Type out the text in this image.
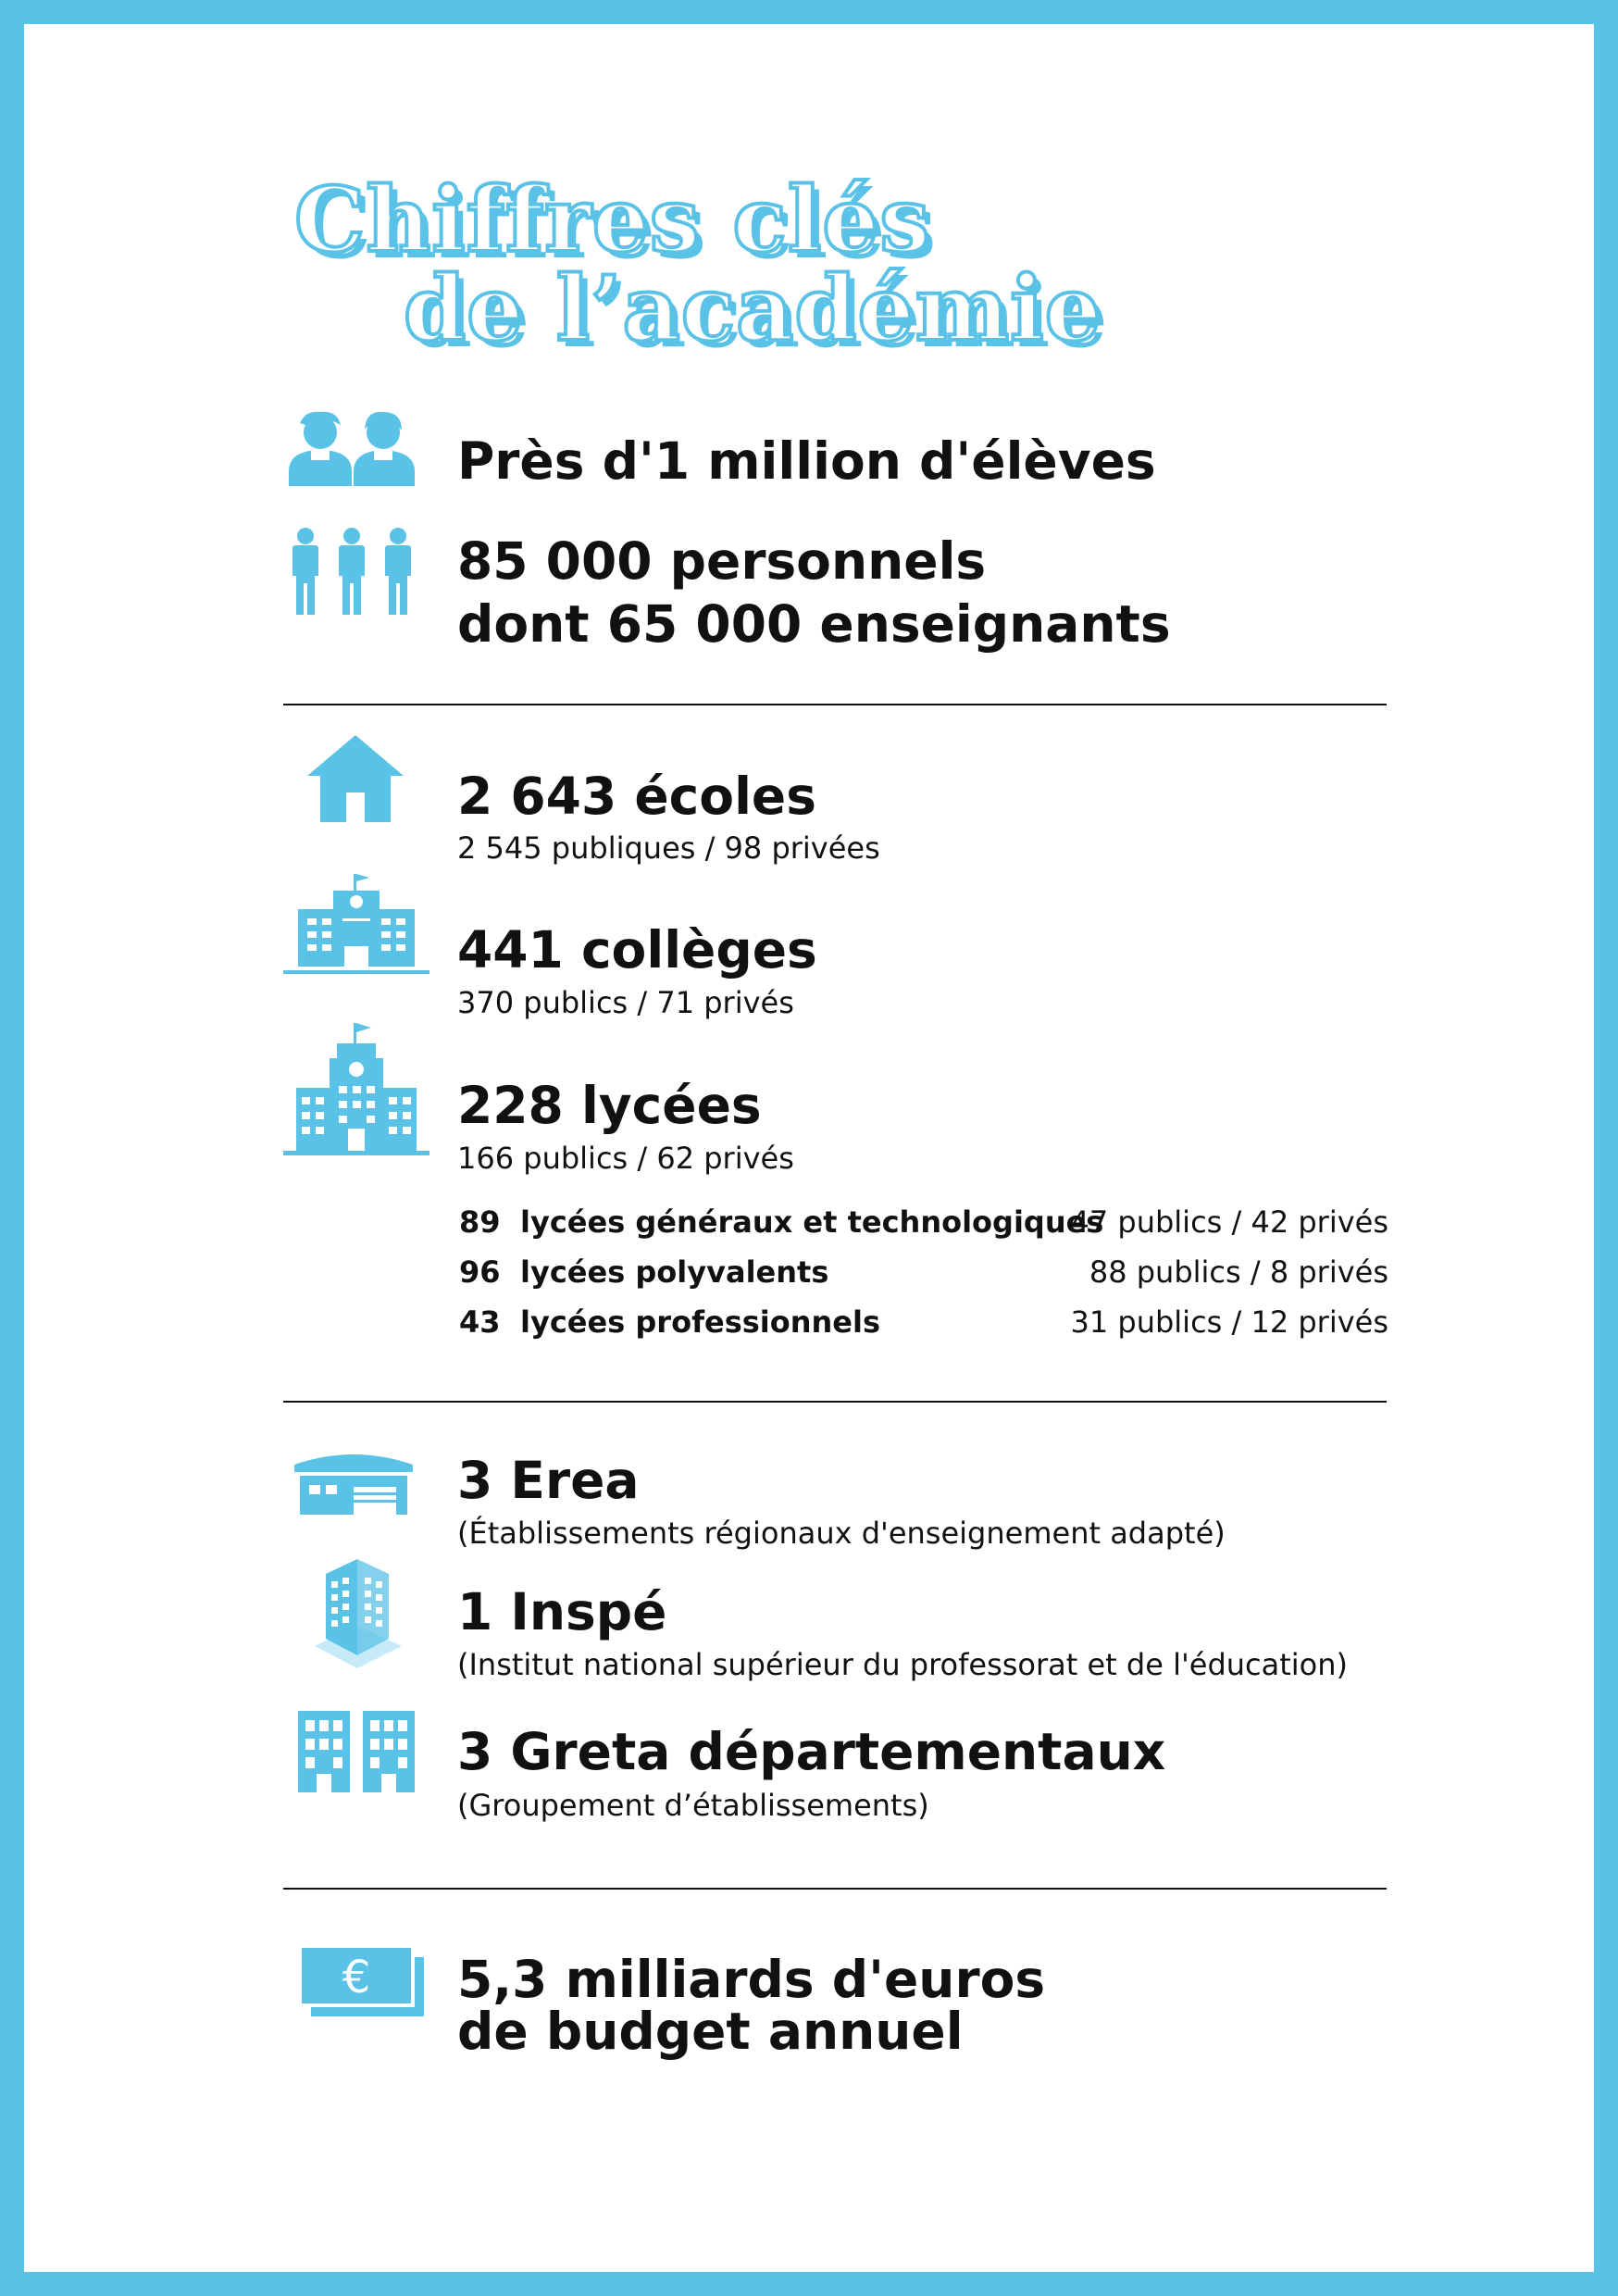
Chiffres clés
de l’académie
Près d'1 million d'élèves
85 000 personnels
dont 65 000 enseignants
2 643 écoles
2 545 publiques / 98 privées
441 collèges
370 publics / 71 privés
228 lycées
166 publics / 62 privés
89 lycées généraux et technologiques
47 publics / 42 privés
96 lycées polyvalents	88 publics / 8 privés
43 lycées professionnels	31 publics / 12 privés
3 Erea
(Établissements régionaux d'enseignement adapté)
1 Inspé
(Institut national supérieur du professorat et de l'éducation)
3 Greta départementaux
(Groupement d’établissements)
€ 5,3 milliards d'euros
de budget annuel
